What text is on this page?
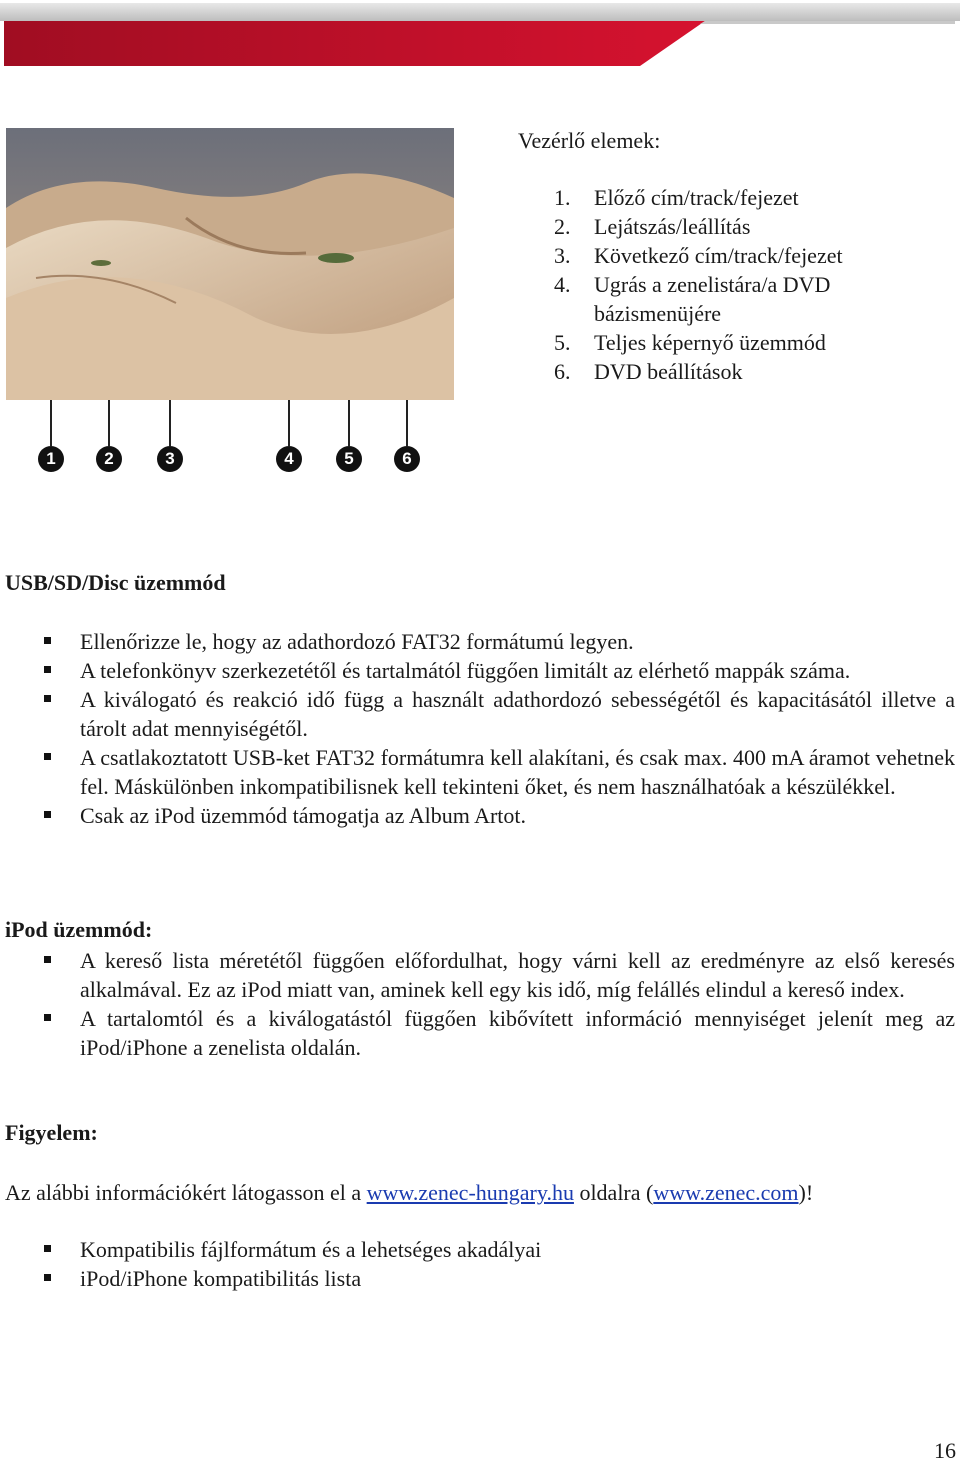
1	2	3	4	5	6
Vezérlő elemek:
1. Előző cím/track/fejezet
2. Lejátszás/leállítás
3. Következő cím/track/fejezet
4. Ugrás a zenelistára/a DVD bázismenüjére
5. Teljes képernyő üzemmód
6. DVD beállítások
USB/SD/Disc üzemmód
Ellenőrizze le, hogy az adathordozó FAT32 formátumú legyen.
A telefonkönyv szerkezetétől és tartalmától függően limitált az elérhető mappák száma.
A kiválogató és reakció idő függ a használt adathordozó sebességétől és kapacitásától illetve a tárolt adat mennyiségétől.
A csatlakoztatott USB-ket FAT32 formátumra kell alakítani, és csak max. 400 mA áramot vehetnek fel. Máskülönben inkompatibilisnek kell tekinteni őket, és nem használhatóak a készülékkel.
Csak az iPod üzemmód támogatja az Album Artot.
iPod üzemmód:
A kereső lista méretétől függően előfordulhat, hogy várni kell az eredményre az első keresés alkalmával. Ez az iPod miatt van, aminek kell egy kis idő, míg felállés elindul a kereső index.
A tartalomtól és a kiválogatástól függően kibővített információ mennyiséget jelenít meg az iPod/iPhone a zenelista oldalán.
Figyelem:
Az alábbi információkért látogasson el a www.zenec-hungary.hu oldalra (www.zenec.com)!
Kompatibilis fájlformátum és a lehetséges akadályai
iPod/iPhone kompatibilitás lista
16
